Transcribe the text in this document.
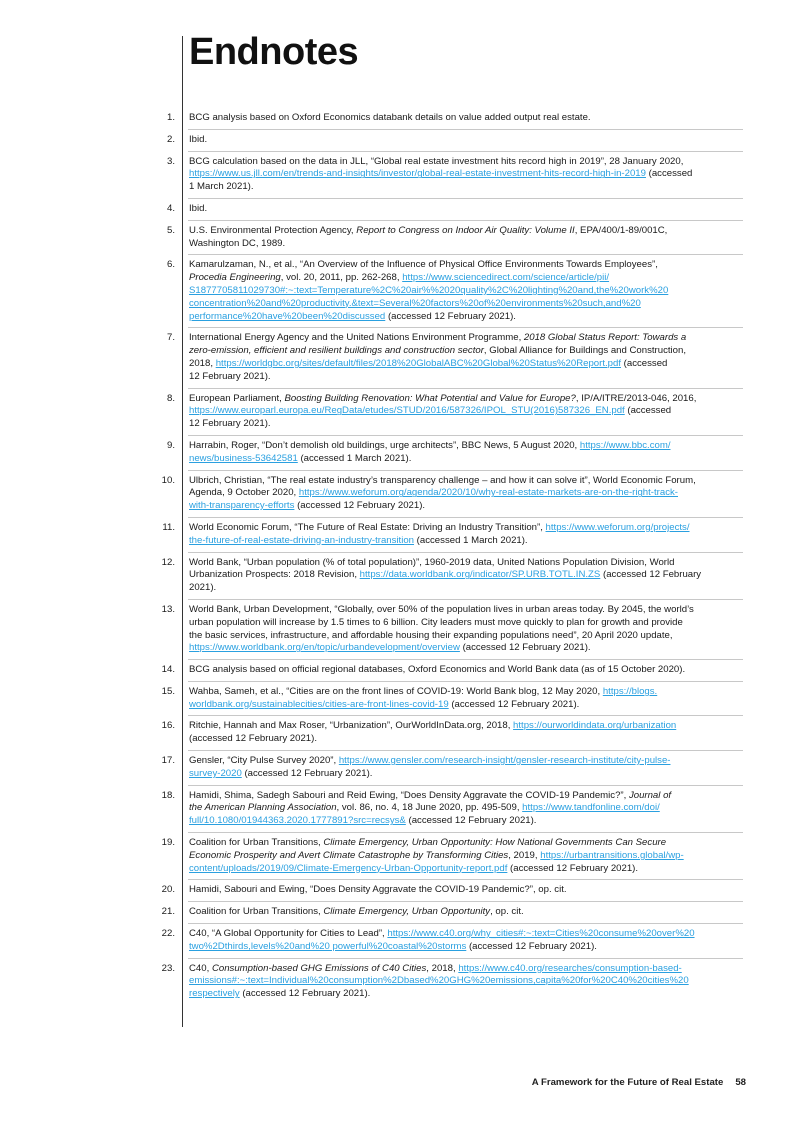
Endnotes
1.	BCG analysis based on Oxford Economics databank details on value added output real estate.
2.	Ibid.
3.	BCG calculation based on the data in JLL, “Global real estate investment hits record high in 2019”, 28 January 2020,
https://www.us.jll.com/en/trends-and-insights/investor/global-real-estate-investment-hits-record-high-in-2019 (accessed
1 March 2021).
4.	Ibid.
5.	U.S. Environmental Protection Agency, Report to Congress on Indoor Air Quality: Volume II, EPA/400/1-89/001C,
Washington DC, 1989.
6.	Kamarulzaman, N., et al., “An Overview of the Influence of Physical Office Environments Towards Employees”,
Procedia Engineering, vol. 20, 2011, pp. 262-268, https://www.sciencedirect.com/science/article/pii/
S1877705811029730#:~:text=Temperature%2C%20air%%2020quality%2C%20lighting%20and,the%20work%20
concentration%20and%20productivity.&text=Several%20factors%20of%20environments%20such,and%20
performance%20have%20been%20discussed (accessed 12 February 2021).
7.	International Energy Agency and the United Nations Environment Programme, 2018 Global Status Report: Towards a
zero-emission, efficient and resilient buildings and construction sector, Global Alliance for Buildings and Construction,
2018, https://worldgbc.org/sites/default/files/2018%20GlobalABC%20Global%20Status%20Report.pdf (accessed
12 February 2021).
8.	European Parliament, Boosting Building Renovation: What Potential and Value for Europe?, IP/A/ITRE/2013-046, 2016,
https://www.europarl.europa.eu/RegData/etudes/STUD/2016/587326/IPOL_STU(2016)587326_EN.pdf (accessed
12 February 2021).
9.	Harrabin, Roger, “Don’t demolish old buildings, urge architects”, BBC News, 5 August 2020, https://www.bbc.com/
news/business-53642581 (accessed 1 March 2021).
10.	Ulbrich, Christian, “The real estate industry’s transparency challenge – and how it can solve it”, World Economic Forum,
Agenda, 9 October 2020, https://www.weforum.org/agenda/2020/10/why-real-estate-markets-are-on-the-right-track-
with-transparency-efforts (accessed 12 February 2021).
11.	World Economic Forum, “The Future of Real Estate: Driving an Industry Transition”, https://www.weforum.org/projects/
the-future-of-real-estate-driving-an-industry-transition (accessed 1 March 2021).
12.	World Bank, “Urban population (% of total population)”, 1960-2019 data, United Nations Population Division, World
Urbanization Prospects: 2018 Revision, https://data.worldbank.org/indicator/SP.URB.TOTL.IN.ZS (accessed 12 February
2021).
13.	World Bank, Urban Development, “Globally, over 50% of the population lives in urban areas today. By 2045, the world’s
urban population will increase by 1.5 times to 6 billion. City leaders must move quickly to plan for growth and provide
the basic services, infrastructure, and affordable housing their expanding populations need”, 20 April 2020 update,
https://www.worldbank.org/en/topic/urbandevelopment/overview (accessed 12 February 2021).
14.	BCG analysis based on official regional databases, Oxford Economics and World Bank data (as of 15 October 2020).
15.	Wahba, Sameh, et al., “Cities are on the front lines of COVID-19: World Bank blog, 12 May 2020, https://blogs.
worldbank.org/sustainablecities/cities-are-front-lines-covid-19 (accessed 12 February 2021).
16.	Ritchie, Hannah and Max Roser, “Urbanization”, OurWorldInData.org, 2018, https://ourworldindata.org/urbanization
(accessed 12 February 2021).
17.	Gensler, “City Pulse Survey 2020”, https://www.gensler.com/research-insight/gensler-research-institute/city-pulse-
survey-2020 (accessed 12 February 2021).
18.	Hamidi, Shima, Sadegh Sabouri and Reid Ewing, “Does Density Aggravate the COVID-19 Pandemic?”, Journal of
the American Planning Association, vol. 86, no. 4, 18 June 2020, pp. 495-509, https://www.tandfonline.com/doi/
full/10.1080/01944363.2020.1777891?src=recsys& (accessed 12 February 2021).
19.	Coalition for Urban Transitions, Climate Emergency, Urban Opportunity: How National Governments Can Secure
Economic Prosperity and Avert Climate Catastrophe by Transforming Cities, 2019, https://urbantransitions.global/wp-
content/uploads/2019/09/Climate-Emergency-Urban-Opportunity-report.pdf (accessed 12 February 2021).
20.	Hamidi, Sabouri and Ewing, “Does Density Aggravate the COVID-19 Pandemic?”, op. cit.
21.	Coalition for Urban Transitions, Climate Emergency, Urban Opportunity, op. cit.
22.	C40, “A Global Opportunity for Cities to Lead”, https://www.c40.org/why_cities#:~:text=Cities%20consume%20over%20
two%2Dthirds,levels%20and%20 powerful%20coastal%20storms (accessed 12 February 2021).
23.	C40, Consumption-based GHG Emissions of C40 Cities, 2018, https://www.c40.org/researches/consumption-based-
emissions#:~:text=Individual%20consumption%2Dbased%20GHG%20emissions,capita%20for%20C40%20cities%20
respectively (accessed 12 February 2021).
A Framework for the Future of Real Estate 58
